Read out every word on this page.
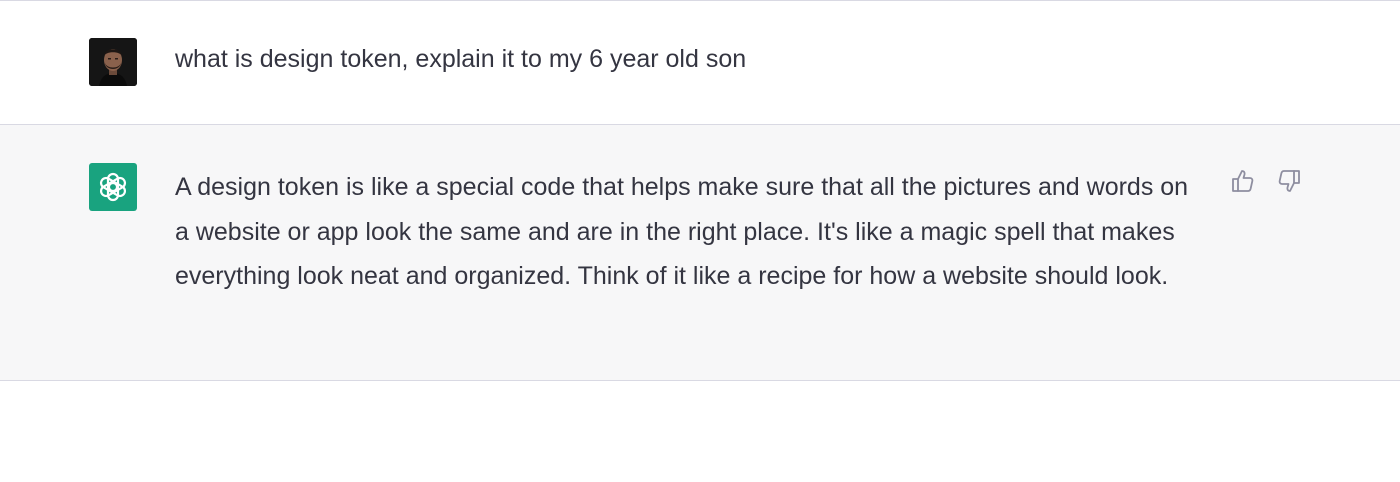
what is design token, explain it to my 6 year old son

A design token is like a special code that helps make sure that all the pictures and words on a website or app look the same and are in the right place. It's like a magic spell that makes everything look neat and organized. Think of it like a recipe for how a website should look.
